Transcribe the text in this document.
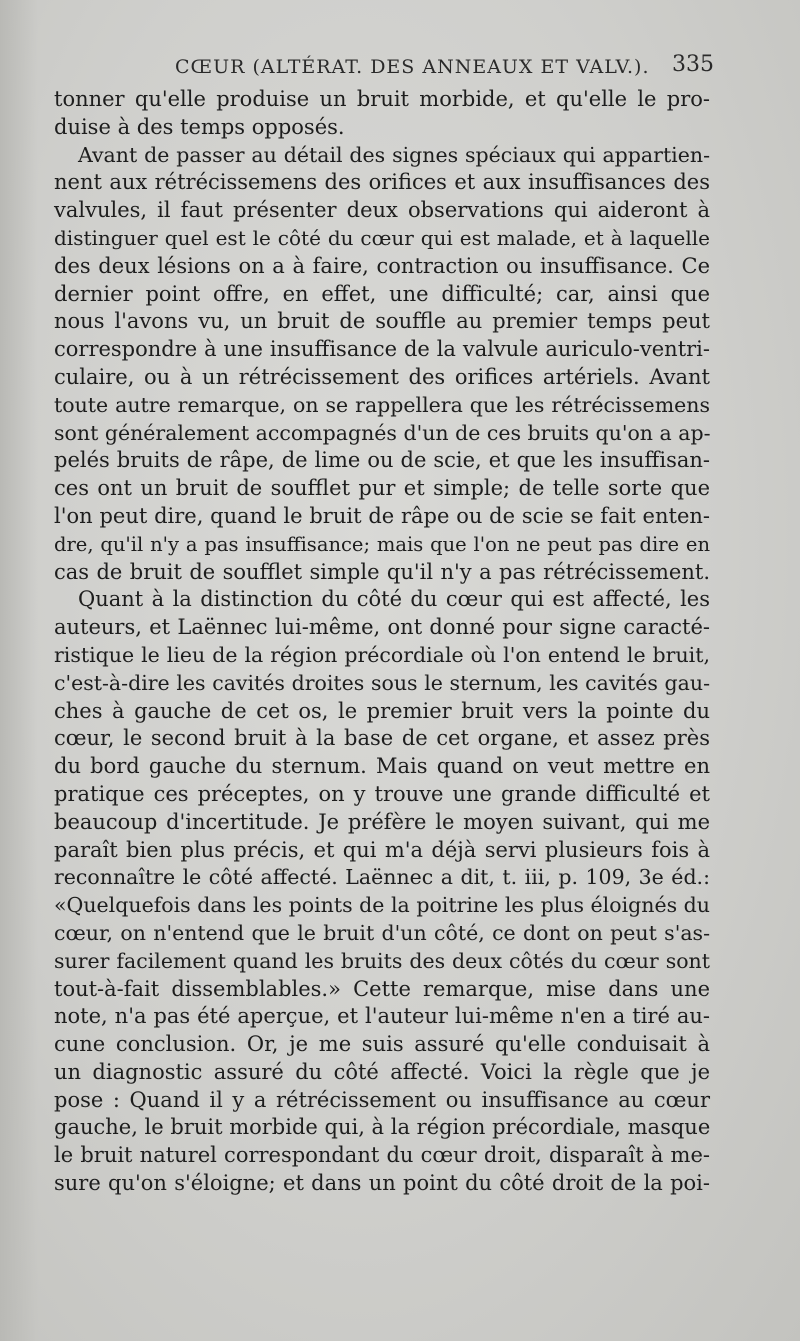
CŒUR (ALTÉRAT. DES ANNEAUX ET VALV.). 335
tonner qu'elle produise un bruit morbide, et qu'elle le pro-
duise à des temps opposés.
Avant de passer au détail des signes spéciaux qui appartien-
nent aux rétrécissemens des orifices et aux insuffisances des
valvules, il faut présenter deux observations qui aideront à
distinguer quel est le côté du cœur qui est malade, et à laquelle
des deux lésions on a à faire, contraction ou insuffisance. Ce
dernier point offre, en effet, une difficulté; car, ainsi que
nous l'avons vu, un bruit de souffle au premier temps peut
correspondre à une insuffisance de la valvule auriculo-ventri-
culaire, ou à un rétrécissement des orifices artériels. Avant
toute autre remarque, on se rappellera que les rétrécissemens
sont généralement accompagnés d'un de ces bruits qu'on a ap-
pelés bruits de râpe, de lime ou de scie, et que les insuffisan-
ces ont un bruit de soufflet pur et simple; de telle sorte que
l'on peut dire, quand le bruit de râpe ou de scie se fait enten-
dre, qu'il n'y a pas insuffisance; mais que l'on ne peut pas dire en
cas de bruit de soufflet simple qu'il n'y a pas rétrécissement.
Quant à la distinction du côté du cœur qui est affecté, les
auteurs, et Laënnec lui-même, ont donné pour signe caracté-
ristique le lieu de la région précordiale où l'on entend le bruit,
c'est-à-dire les cavités droites sous le sternum, les cavités gau-
ches à gauche de cet os, le premier bruit vers la pointe du
cœur, le second bruit à la base de cet organe, et assez près
du bord gauche du sternum. Mais quand on veut mettre en
pratique ces préceptes, on y trouve une grande difficulté et
beaucoup d'incertitude. Je préfère le moyen suivant, qui me
paraît bien plus précis, et qui m'a déjà servi plusieurs fois à
reconnaître le côté affecté. Laënnec a dit, t. iii, p. 109, 3e éd.:
«Quelquefois dans les points de la poitrine les plus éloignés du
cœur, on n'entend que le bruit d'un côté, ce dont on peut s'as-
surer facilement quand les bruits des deux côtés du cœur sont
tout-à-fait dissemblables.» Cette remarque, mise dans une
note, n'a pas été aperçue, et l'auteur lui-même n'en a tiré au-
cune conclusion. Or, je me suis assuré qu'elle conduisait à
un diagnostic assuré du côté affecté. Voici la règle que je
pose : Quand il y a rétrécissement ou insuffisance au cœur
gauche, le bruit morbide qui, à la région précordiale, masque
le bruit naturel correspondant du cœur droit, disparaît à me-
sure qu'on s'éloigne; et dans un point du côté droit de la poi-
